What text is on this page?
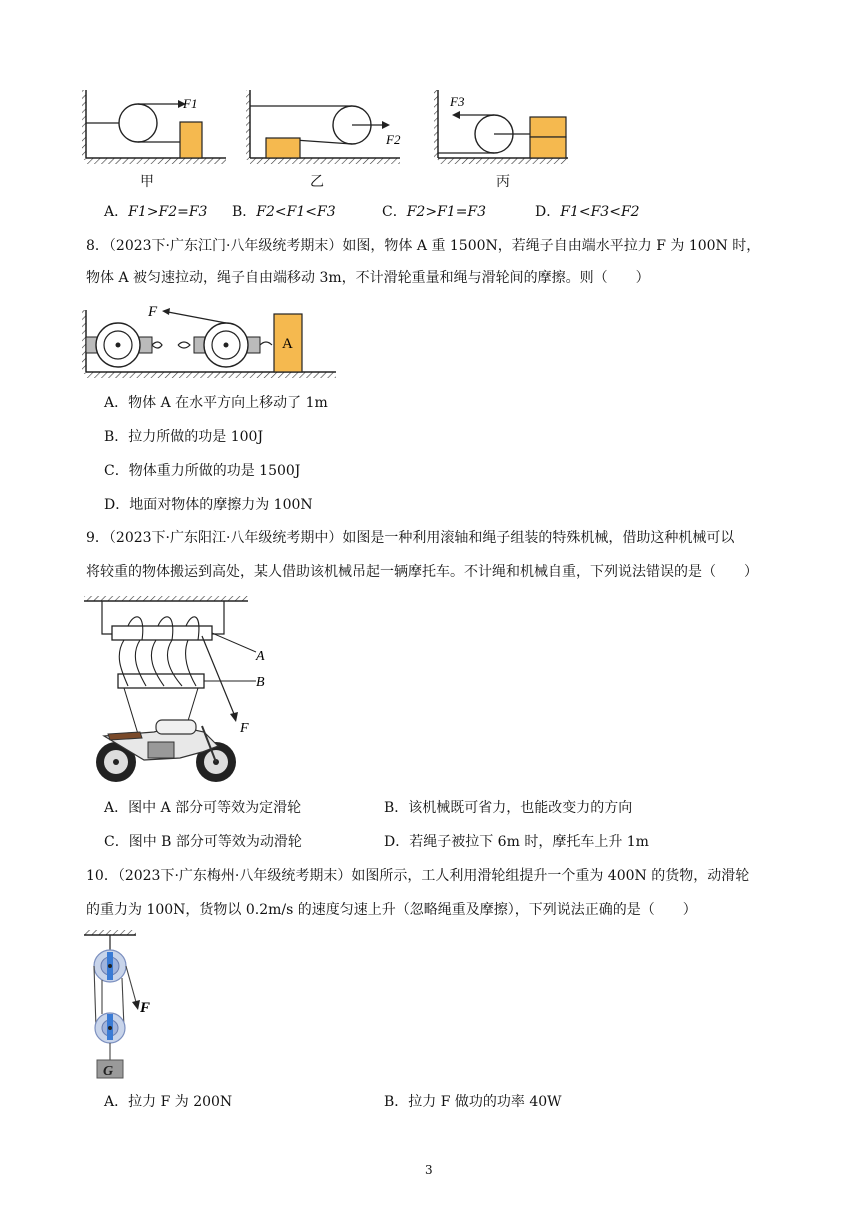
F1
F2
F3
甲	乙	丙
A．F1>F2=F3 B．F2<F1<F3	C．F2>F1=F3	D．F1<F3<F2
8．（2023下·广东江门·八年级统考期末）如图，物体 A 重 1500N，若绳子自由端水平拉力 F 为 100N 时，
物体 A 被匀速拉动，绳子自由端移动 3m，不计滑轮重量和绳与滑轮间的摩擦。则（　　）
F
A
A．物体 A 在水平方向上移动了 1m
B．拉力所做的功是 100J
C．物体重力所做的功是 1500J
D．地面对物体的摩擦力为 100N
9．（2023下·广东阳江·八年级统考期中）如图是一种利用滚轴和绳子组装的特殊机械，借助这种机械可以
将较重的物体搬运到高处，某人借助该机械吊起一辆摩托车。不计绳和机械自重，下列说法错误的是（　　）
A
B
F
A．图中 A 部分可等效为定滑轮	B．该机械既可省力，也能改变力的方向
C．图中 B 部分可等效为动滑轮	D．若绳子被拉下 6m 时，摩托车上升 1m
10．（2023下·广东梅州·八年级统考期末）如图所示，工人利用滑轮组提升一个重为 400N 的货物，动滑轮
的重力为 100N，货物以 0.2m/s 的速度匀速上升（忽略绳重及摩擦），下列说法正确的是（　　）
F
G
A．拉力 F 为 200N	B．拉力 F 做功的功率 40W
3
